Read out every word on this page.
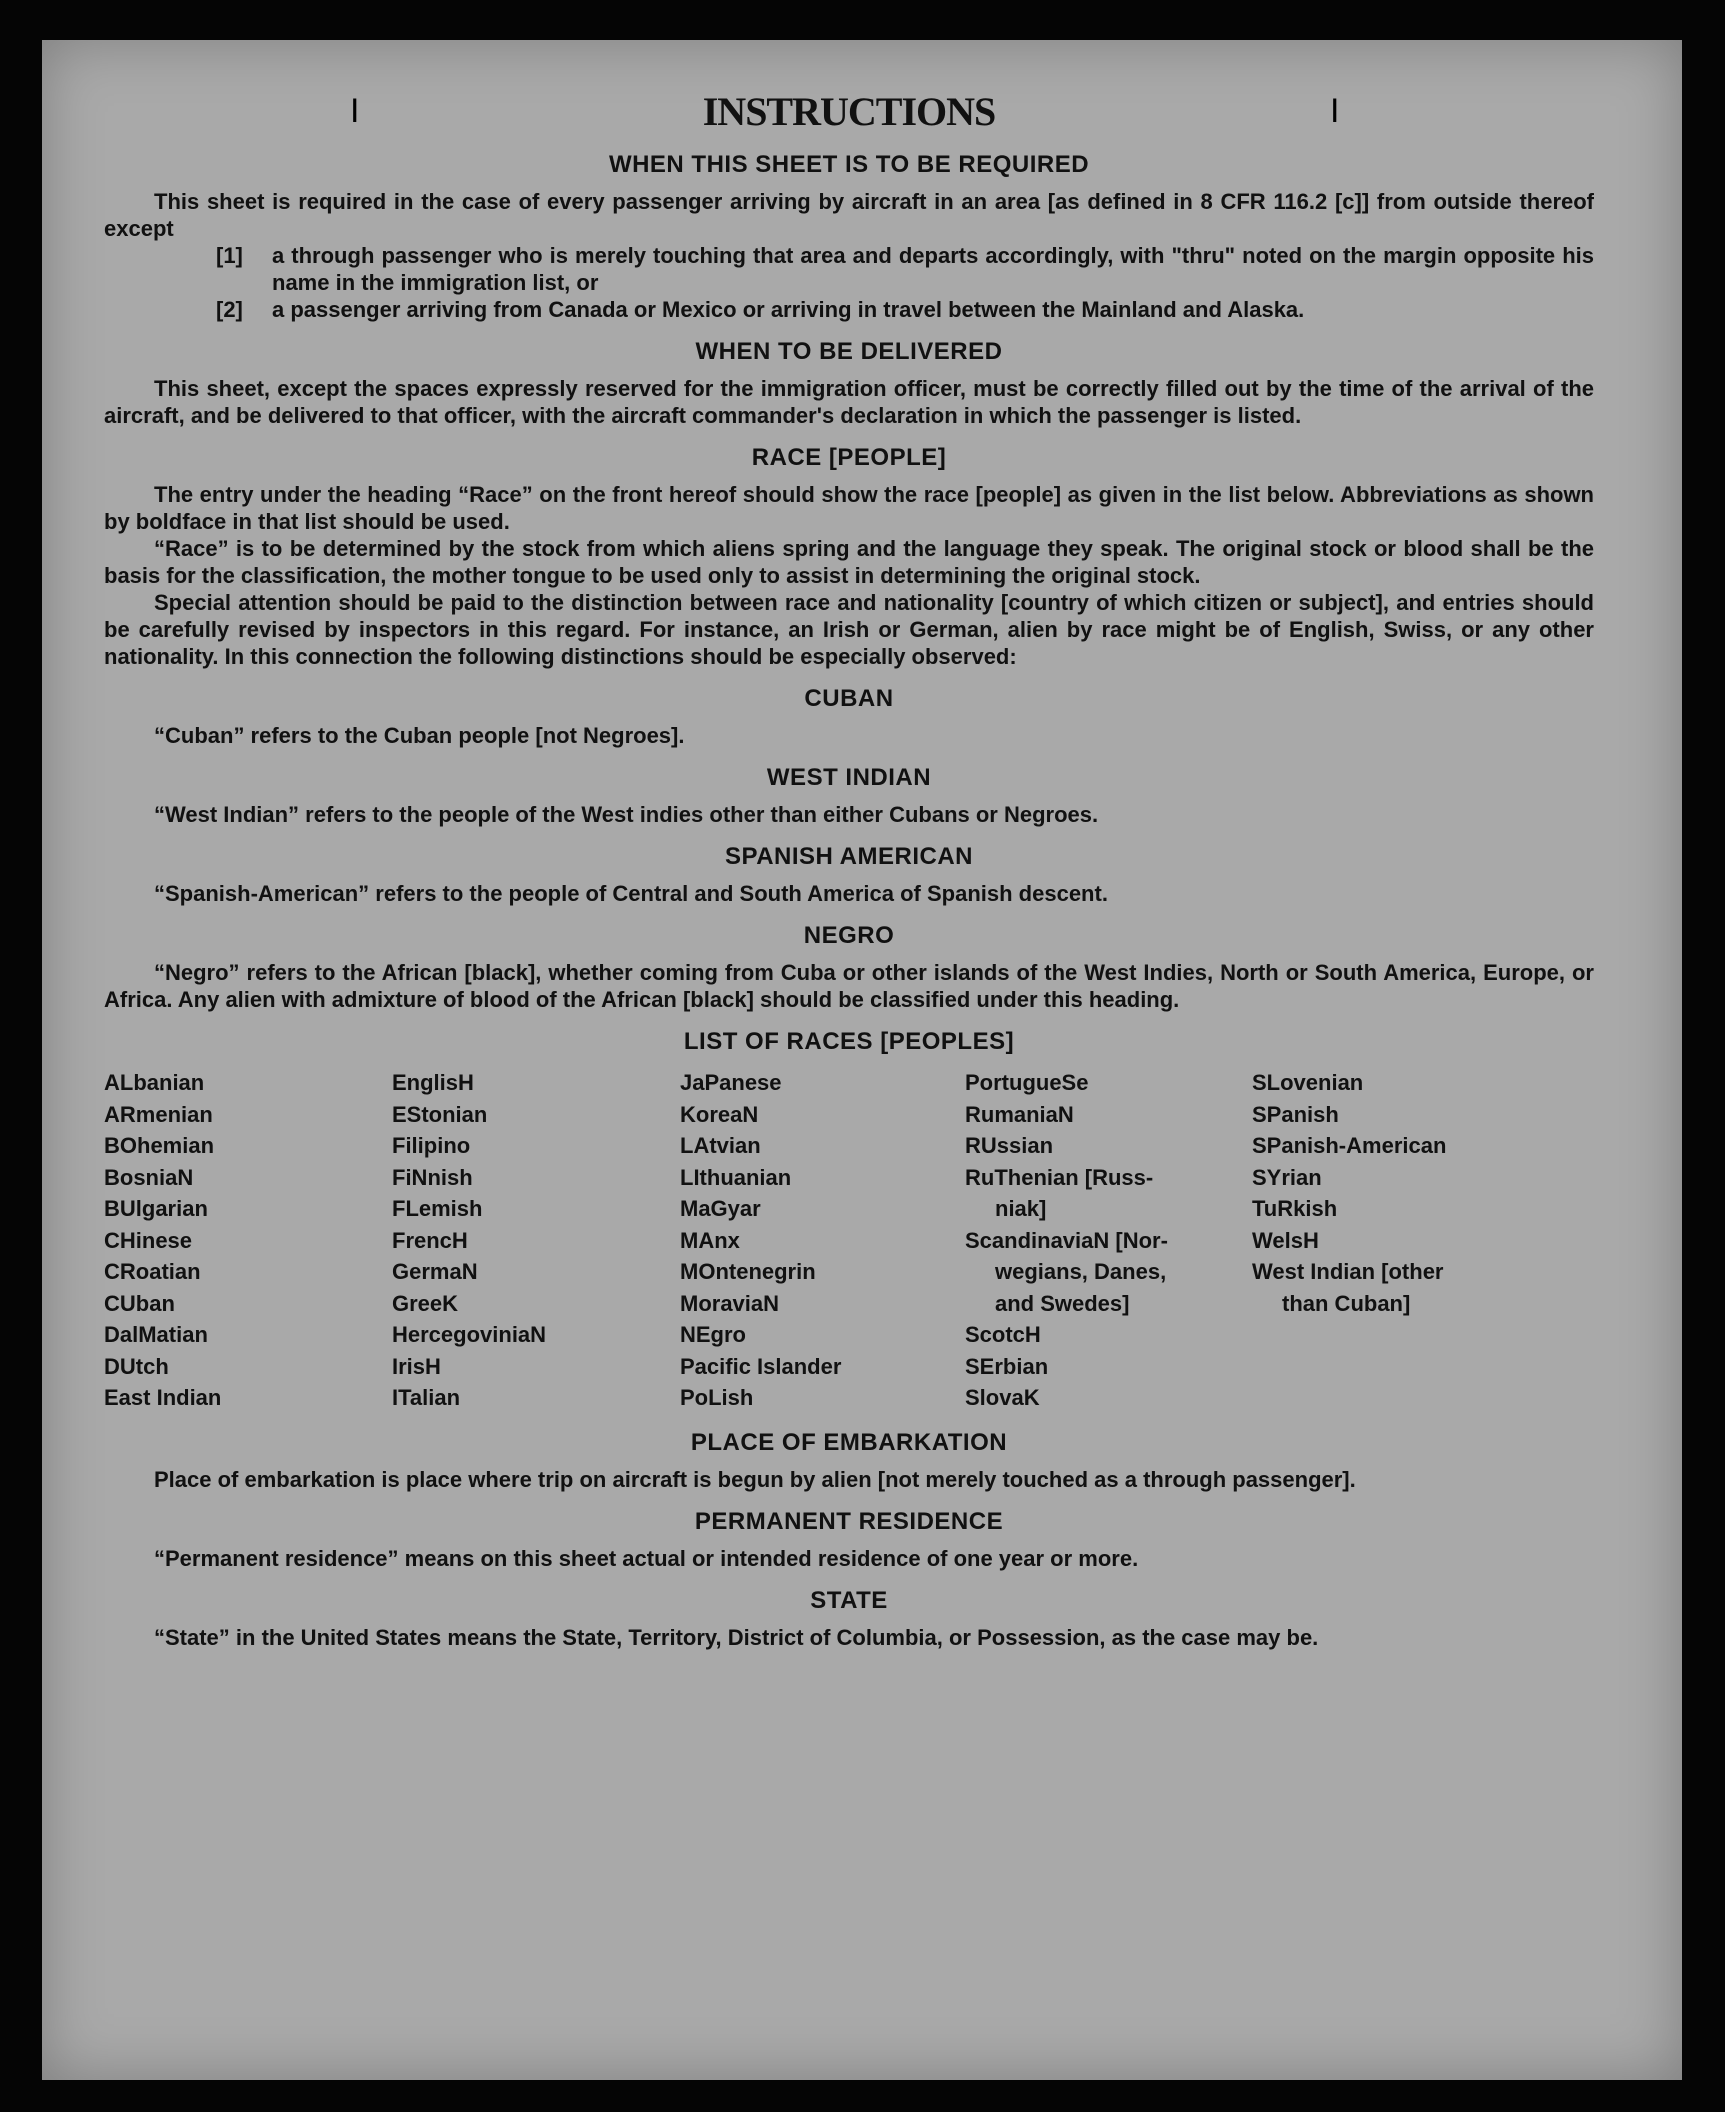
I	I
INSTRUCTIONS
WHEN THIS SHEET IS TO BE REQUIRED

This sheet is required in the case of every passenger arriving by aircraft in an area [as defined in 8 CFR 116.2 [c]] from outside thereof except

[1]	a through passenger who is merely touching that area and departs accordingly, with "thru" noted on the margin opposite his name in the immigration list, or
[2]	a passenger arriving from Canada or Mexico or arriving in travel between the Mainland and Alaska.
WHEN TO BE DELIVERED

This sheet, except the spaces expressly reserved for the immigration officer, must be correctly filled out by the time of the arrival of the aircraft, and be delivered to that officer, with the aircraft commander's declaration in which the passenger is listed.

RACE [PEOPLE]

The entry under the heading “Race” on the front hereof should show the race [people] as given in the list below. Abbreviations as shown by boldface in that list should be used.

“Race” is to be determined by the stock from which aliens spring and the language they speak. The original stock or blood shall be the basis for the classification, the mother tongue to be used only to assist in determining the original stock.

Special attention should be paid to the distinction between race and nationality [country of which citizen or subject], and entries should be carefully revised by inspectors in this regard. For instance, an Irish or German, alien by race might be of English, Swiss, or any other nationality. In this connection the following distinctions should be especially observed:

CUBAN

“Cuban” refers to the Cuban people [not Negroes].

WEST INDIAN

“West Indian” refers to the people of the West indies other than either Cubans or Negroes.

SPANISH AMERICAN

“Spanish-American” refers to the people of Central and South America of Spanish descent.

NEGRO

“Negro” refers to the African [black], whether coming from Cuba or other islands of the West Indies, North or South America, Europe, or Africa. Any alien with admixture of blood of the African [black] should be classified under this heading.

LIST OF RACES [PEOPLES]
ALbanian
ARmenian
BOhemian
BosniaN
BUlgarian
CHinese
CRoatian
CUban
DalMatian
DUtch
East Indian
EnglisH
EStonian
Filipino
FiNnish
FLemish
FrencH
GermaN
GreeK
HercegoviniaN
IrisH
ITalian
JaPanese
KoreaN
LAtvian
LIthuanian
MaGyar
MAnx
MOntenegrin
MoraviaN
NEgro
Pacific Islander
PoLish
PortugueSe
RumaniaN
RUssian
RuThenian [Russ-
niak]
ScandinaviaN [Nor-
wegians, Danes,
and Swedes]
ScotcH
SErbian
SlovaK
SLovenian
SPanish
SPanish-American
SYrian
TuRkish
WelsH
West Indian [other
than Cuban]
PLACE OF EMBARKATION

Place of embarkation is place where trip on aircraft is begun by alien [not merely touched as a through passenger].

PERMANENT RESIDENCE

“Permanent residence” means on this sheet actual or intended residence of one year or more.

STATE

“State” in the United States means the State, Territory, District of Columbia, or Possession, as the case may be.
